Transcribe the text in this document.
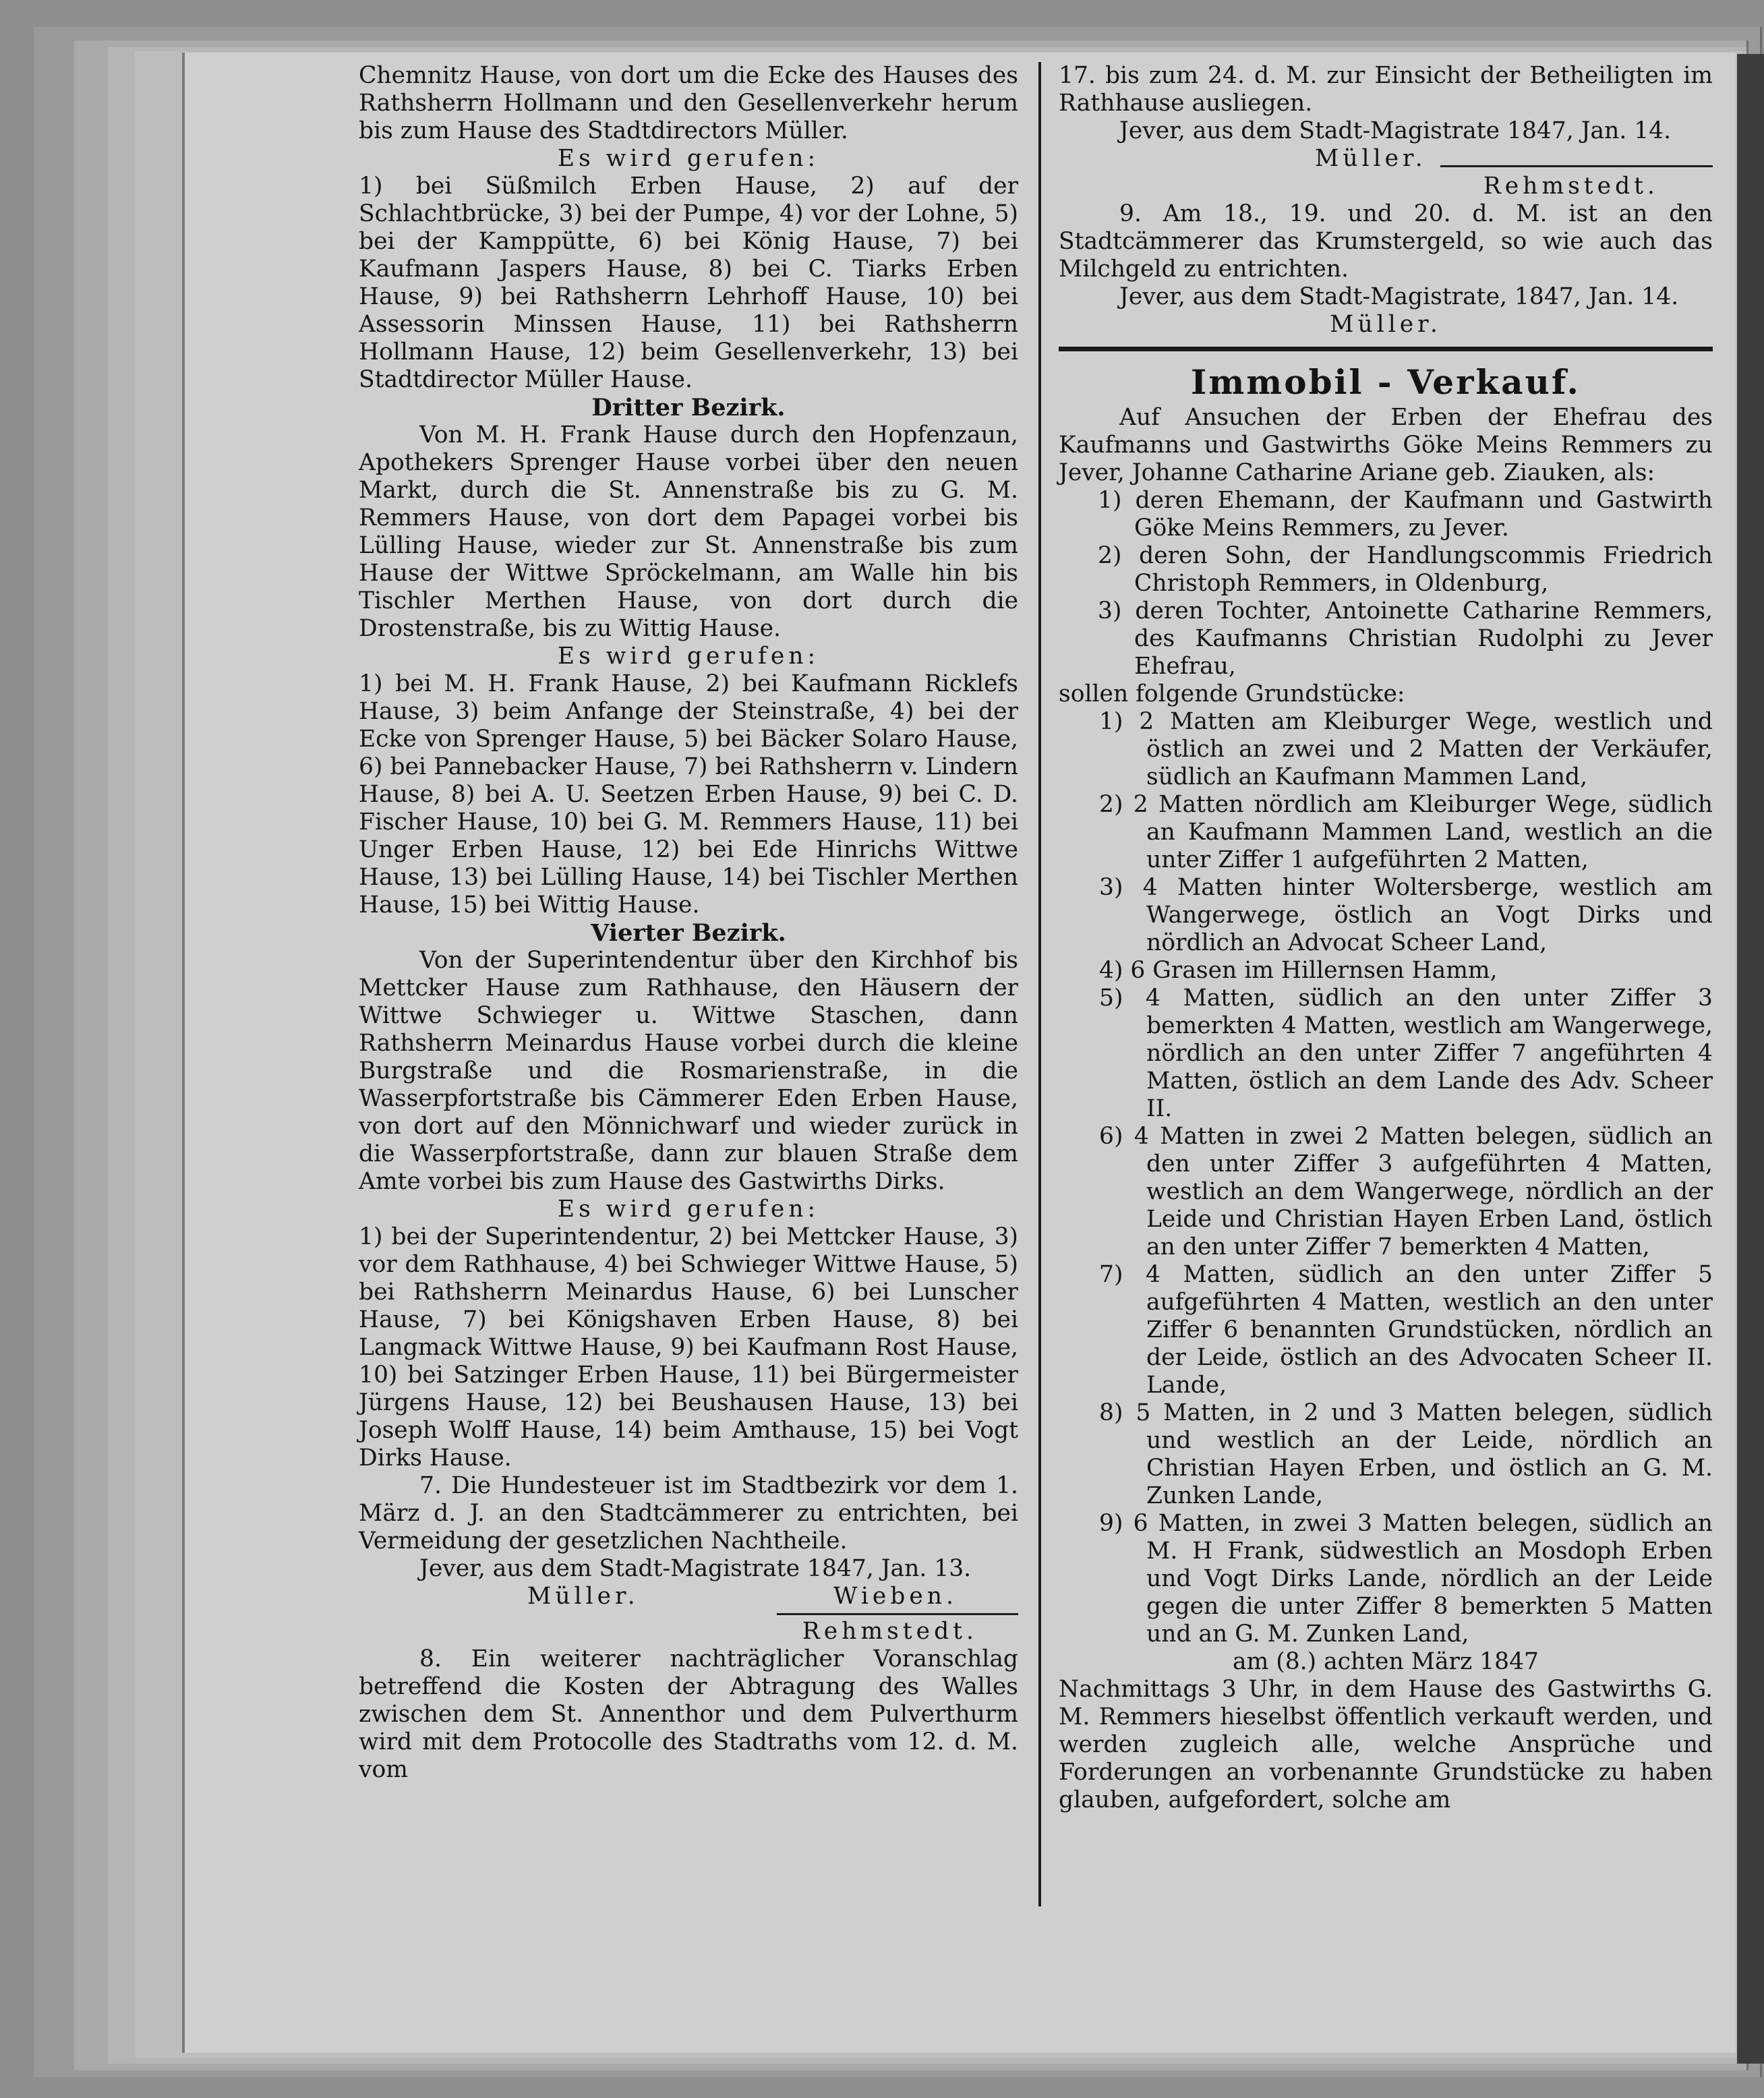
Chemnitz Hause, von dort um die Ecke des Hauses des Rathsherrn Hollmann und den Gesellenverkehr herum bis zum Hause des Stadtdirectors Müller.

Es wird gerufen:

1) bei Süßmilch Erben Hause, 2) auf der Schlachtbrücke, 3) bei der Pumpe, 4) vor der Lohne, 5) bei der Kamppütte, 6) bei König Hause, 7) bei Kaufmann Jaspers Hause, 8) bei C. Tiarks Erben Hause, 9) bei Rathsherrn Lehrhoff Hause, 10) bei Assessorin Minssen Hause, 11) bei Rathsherrn Hollmann Hause, 12) beim Gesellenverkehr, 13) bei Stadtdirector Müller Hause.

Dritter Bezirk.

Von M. H. Frank Hause durch den Hopfenzaun, Apothekers Sprenger Hause vorbei über den neuen Markt, durch die St. Annenstraße bis zu G. M. Remmers Hause, von dort dem Papagei vorbei bis Lülling Hause, wieder zur St. Annenstraße bis zum Hause der Wittwe Spröckelmann, am Walle hin bis Tischler Merthen Hause, von dort durch die Drostenstraße, bis zu Wittig Hause.

Es wird gerufen:

1) bei M. H. Frank Hause, 2) bei Kaufmann Ricklefs Hause, 3) beim Anfange der Steinstraße, 4) bei der Ecke von Sprenger Hause, 5) bei Bäcker Solaro Hause, 6) bei Pannebacker Hause, 7) bei Rathsherrn v. Lindern Hause, 8) bei A. U. Seetzen Erben Hause, 9) bei C. D. Fischer Hause, 10) bei G. M. Remmers Hause, 11) bei Unger Erben Hause, 12) bei Ede Hinrichs Wittwe Hause, 13) bei Lülling Hause, 14) bei Tischler Merthen Hause, 15) bei Wittig Hause.

Vierter Bezirk.

Von der Superintendentur über den Kirchhof bis Mettcker Hause zum Rathhause, den Häusern der Wittwe Schwieger u. Wittwe Staschen, dann Rathsherrn Meinardus Hause vorbei durch die kleine Burgstraße und die Rosmarienstraße, in die Wasserpfortstraße bis Cämmerer Eden Erben Hause, von dort auf den Mönnichwarf und wieder zurück in die Wasserpfortstraße, dann zur blauen Straße dem Amte vorbei bis zum Hause des Gastwirths Dirks.

Es wird gerufen:

1) bei der Superintendentur, 2) bei Mettcker Hause, 3) vor dem Rathhause, 4) bei Schwieger Wittwe Hause, 5) bei Rathsherrn Meinardus Hause, 6) bei Lunscher Hause, 7) bei Königshaven Erben Hause, 8) bei Langmack Wittwe Hause, 9) bei Kaufmann Rost Hause, 10) bei Satzinger Erben Hause, 11) bei Bürgermeister Jürgens Hause, 12) bei Beushausen Hause, 13) bei Joseph Wolff Hause, 14) beim Amthause, 15) bei Vogt Dirks Hause.

7. Die Hundesteuer ist im Stadtbezirk vor dem 1. März d. J. an den Stadtcämmerer zu entrichten, bei Vermeidung der gesetzlichen Nachtheile.

Jever, aus dem Stadt-Magistrate 1847, Jan. 13.

Müller.	Wieben.

Rehmstedt.

8. Ein weiterer nachträglicher Voranschlag betreffend die Kosten der Abtragung des Walles zwischen dem St. Annenthor und dem Pulverthurm wird mit dem Protocolle des Stadtraths vom 12. d. M. vom

17. bis zum 24. d. M. zur Einsicht der Betheiligten im Rathhause ausliegen.

Jever, aus dem Stadt-Magistrate 1847, Jan. 14.

Müller.

Rehmstedt.

9. Am 18., 19. und 20. d. M. ist an den Stadtcämmerer das Krumstergeld, so wie auch das Milchgeld zu entrichten.

Jever, aus dem Stadt-Magistrate, 1847, Jan. 14.

Müller.

Immobil - Verkauf.

Auf Ansuchen der Erben der Ehefrau des Kaufmanns und Gastwirths Göke Meins Remmers zu Jever, Johanne Catharine Ariane geb. Ziauken, als:

1) deren Ehemann, der Kaufmann und Gastwirth Göke Meins Remmers, zu Jever.

2) deren Sohn, der Handlungscommis Friedrich Christoph Remmers, in Oldenburg,

3) deren Tochter, Antoinette Catharine Remmers, des Kaufmanns Christian Rudolphi zu Jever Ehefrau,

sollen folgende Grundstücke:

1) 2 Matten am Kleiburger Wege, westlich und östlich an zwei und 2 Matten der Verkäufer, südlich an Kaufmann Mammen Land,

2) 2 Matten nördlich am Kleiburger Wege, südlich an Kaufmann Mammen Land, westlich an die unter Ziffer 1 aufgeführten 2 Matten,

3) 4 Matten hinter Woltersberge, westlich am Wangerwege, östlich an Vogt Dirks und nördlich an Advocat Scheer Land,

4) 6 Grasen im Hillernsen Hamm,

5) 4 Matten, südlich an den unter Ziffer 3 bemerkten 4 Matten, westlich am Wangerwege, nördlich an den unter Ziffer 7 angeführten 4 Matten, östlich an dem Lande des Adv. Scheer II.

6) 4 Matten in zwei 2 Matten belegen, südlich an den unter Ziffer 3 aufgeführten 4 Matten, westlich an dem Wangerwege, nördlich an der Leide und Christian Hayen Erben Land, östlich an den unter Ziffer 7 bemerkten 4 Matten,

7) 4 Matten, südlich an den unter Ziffer 5 aufgeführten 4 Matten, westlich an den unter Ziffer 6 benannten Grundstücken, nördlich an der Leide, östlich an des Advocaten Scheer II. Lande,

8) 5 Matten, in 2 und 3 Matten belegen, südlich und westlich an der Leide, nördlich an Christian Hayen Erben, und östlich an G. M. Zunken Lande,

9) 6 Matten, in zwei 3 Matten belegen, südlich an M. H Frank, südwestlich an Mosdoph Erben und Vogt Dirks Lande, nördlich an der Leide gegen die unter Ziffer 8 bemerkten 5 Matten und an G. M. Zunken Land,

am (8.) achten März 1847

Nachmittags 3 Uhr, in dem Hause des Gastwirths G. M. Remmers hieselbst öffentlich verkauft werden, und werden zugleich alle, welche Ansprüche und Forderungen an vorbenannte Grundstücke zu haben glauben, aufgefordert, solche am
